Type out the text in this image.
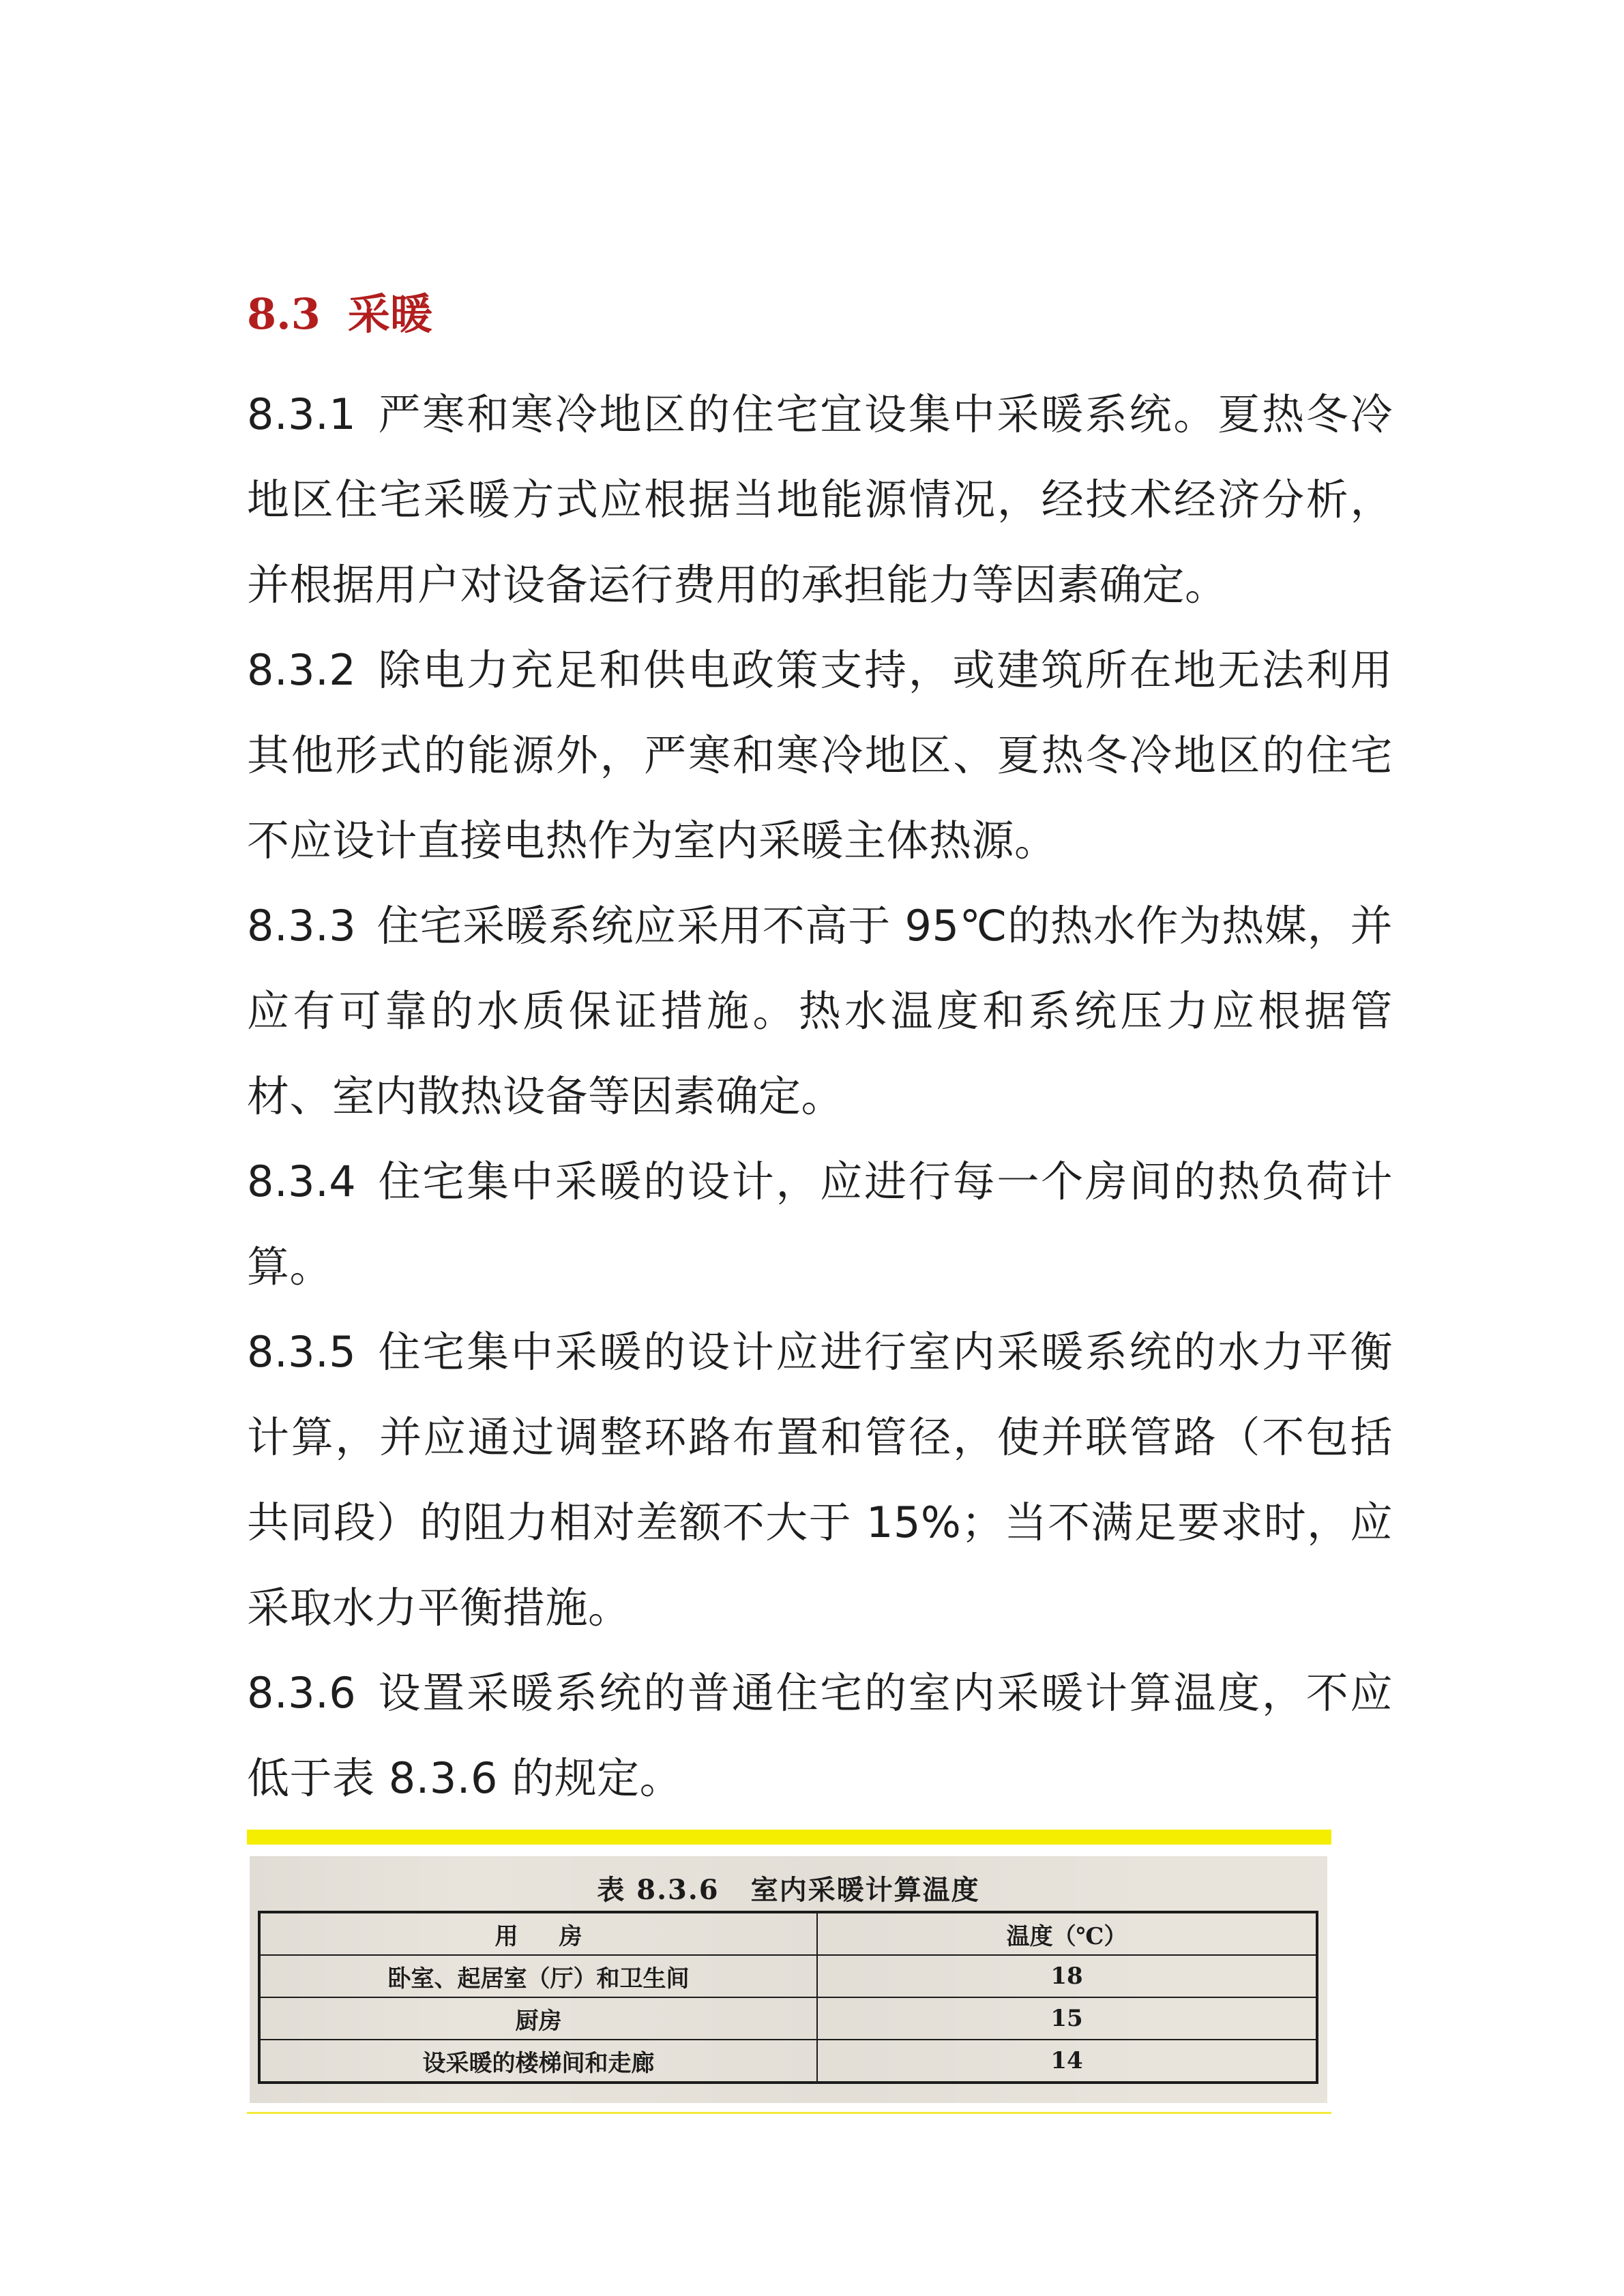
8.3 采暖

8.3.1 严寒和寒冷地区的住宅宜设集中采暖系统。夏热冬冷地区住宅采暖方式应根据当地能源情况，经技术经济分析，并根据用户对设备运行费用的承担能力等因素确定。

8.3.2 除电力充足和供电政策支持，或建筑所在地无法利用其他形式的能源外，严寒和寒冷地区、夏热冬冷地区的住宅不应设计直接电热作为室内采暖主体热源。

8.3.3 住宅采暖系统应采用不高于 95℃的热水作为热媒，并应有可靠的水质保证措施。热水温度和系统压力应根据管材、室内散热设备等因素确定。

8.3.4 住宅集中采暖的设计，应进行每一个房间的热负荷计算。

8.3.5 住宅集中采暖的设计应进行室内采暖系统的水力平衡计算，并应通过调整环路布置和管径，使并联管路（不包括共同段）的阻力相对差额不大于 15%；当不满足要求时，应采取水力平衡措施。

8.3.6 设置采暖系统的普通住宅的室内采暖计算温度，不应低于表 8.3.6 的规定。

表 8.3.6 室内采暖计算温度
用房	温度（℃）
卧室、起居室（厅）和卫生间	18
厨房	15
设采暖的楼梯间和走廊	14
